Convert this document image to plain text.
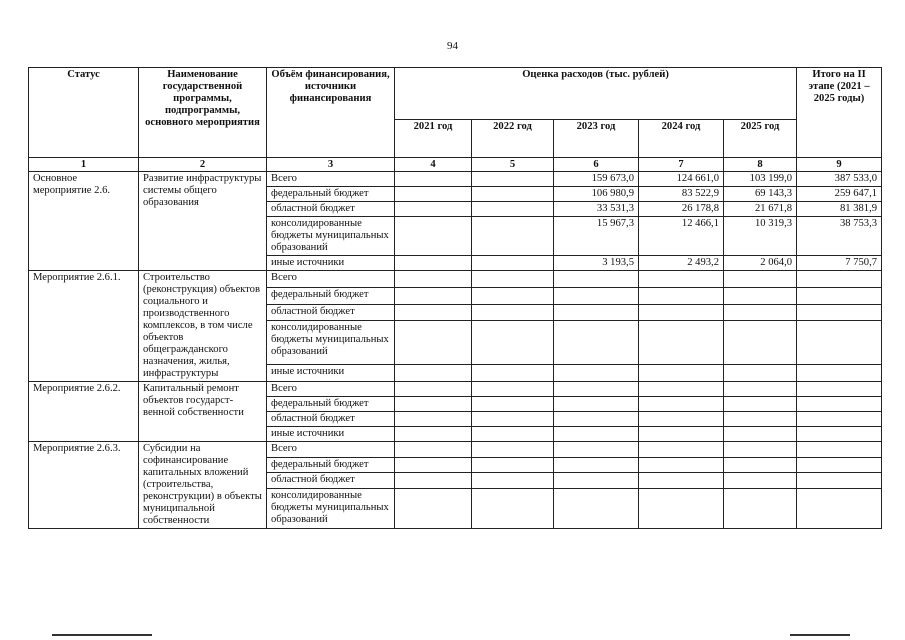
94
Статус	Наименование государственной программы, подпрограммы, основного мероприятия	Объём финансирования, источники финансирования	Оценка расходов (тыс. рублей)					Итого на II этапе (2021 – 2025 годы)
			2021 год	2022 год	2023 год	2024 год	2025 год	
1	2	3	4	5	6	7	8	9
Основное мероприятие 2.6.	Развитие инфраструктуры системы общего образования	Всего			159 673,0	124 661,0	103 199,0	387 533,0
		федеральный бюджет			106 980,9	83 522,9	69 143,3	259 647,1
		областной бюджет			33 531,3	26 178,8	21 671,8	81 381,9
		консолидированные бюджеты муниципальных образований			15 967,3	12 466,1	10 319,3	38 753,3
		иные источники			3 193,5	2 493,2	2 064,0	7 750,7
Мероприятие 2.6.1.	Строительство (реконструкция) объектов социального и производственного комплексов, в том числе объектов общегражданского назначения, жилья, инфраструктуры	Всего						
		федеральный бюджет						
		областной бюджет						
		консолидированные бюджеты муниципальных образований						
		иные источники						
Мероприятие 2.6.2.	Капитальный ремонт объектов государст-венной собственности	Всего						
		федеральный бюджет						
		областной бюджет						
		иные источники						
Мероприятие 2.6.3.	Субсидии на софинансирование капитальных вложений (строительства, реконструкции) в объекты муниципальной собственности	Всего						
		федеральный бюджет						
		областной бюджет						
		консолидированные бюджеты муниципальных образований						
